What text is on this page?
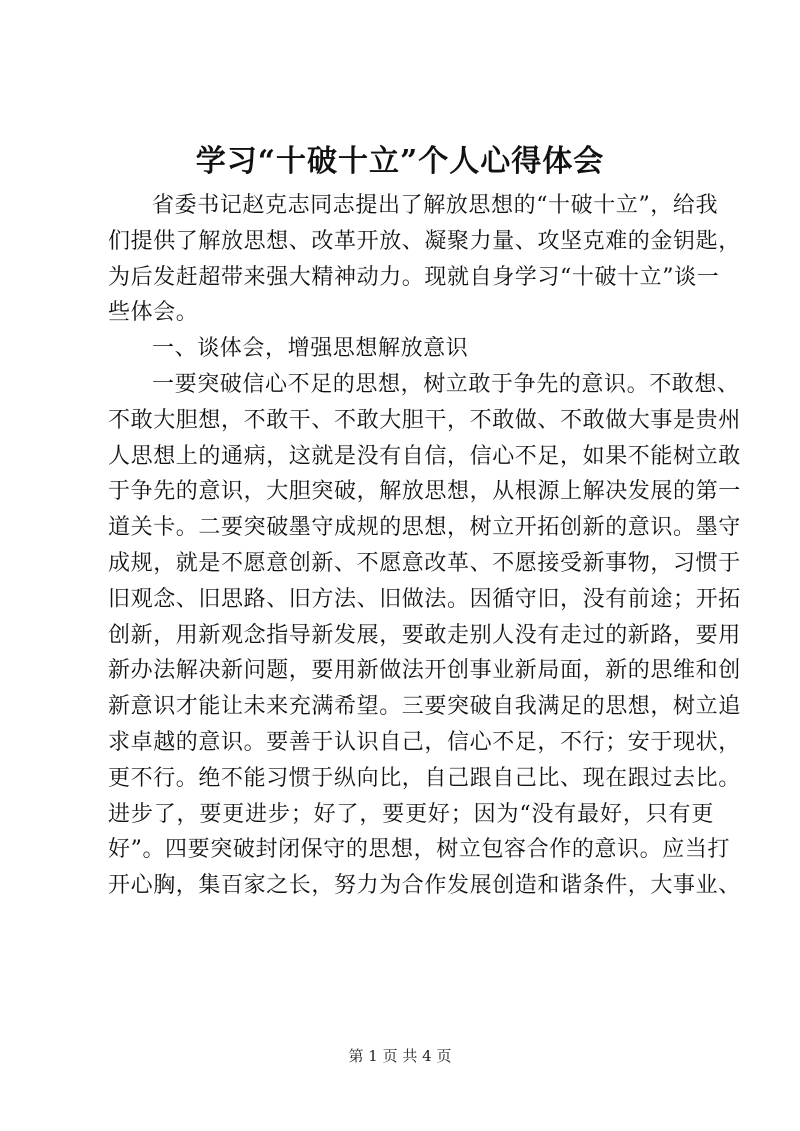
学习“十破十立”个人心得体会
省委书记赵克志同志提出了解放思想的“十破十立”，给我
们提供了解放思想、改革开放、凝聚力量、攻坚克难的金钥匙，
为后发赶超带来强大精神动力。现就自身学习“十破十立”谈一
些体会。
一、谈体会，增强思想解放意识
一要突破信心不足的思想，树立敢于争先的意识。不敢想、
不敢大胆想，不敢干、不敢大胆干，不敢做、不敢做大事是贵州
人思想上的通病，这就是没有自信，信心不足，如果不能树立敢
于争先的意识，大胆突破，解放思想，从根源上解决发展的第一
道关卡。二要突破墨守成规的思想，树立开拓创新的意识。墨守
成规，就是不愿意创新、不愿意改革、不愿接受新事物，习惯于
旧观念、旧思路、旧方法、旧做法。因循守旧，没有前途；开拓
创新，用新观念指导新发展，要敢走别人没有走过的新路，要用
新办法解决新问题，要用新做法开创事业新局面，新的思维和创
新意识才能让未来充满希望。三要突破自我满足的思想，树立追
求卓越的意识。要善于认识自己，信心不足，不行；安于现状，
更不行。绝不能习惯于纵向比，自己跟自己比、现在跟过去比。
进步了，要更进步；好了，要更好；因为“没有最好，只有更
好”。四要突破封闭保守的思想，树立包容合作的意识。应当打
开心胸，集百家之长，努力为合作发展创造和谐条件，大事业、
第 1 页 共 4 页
